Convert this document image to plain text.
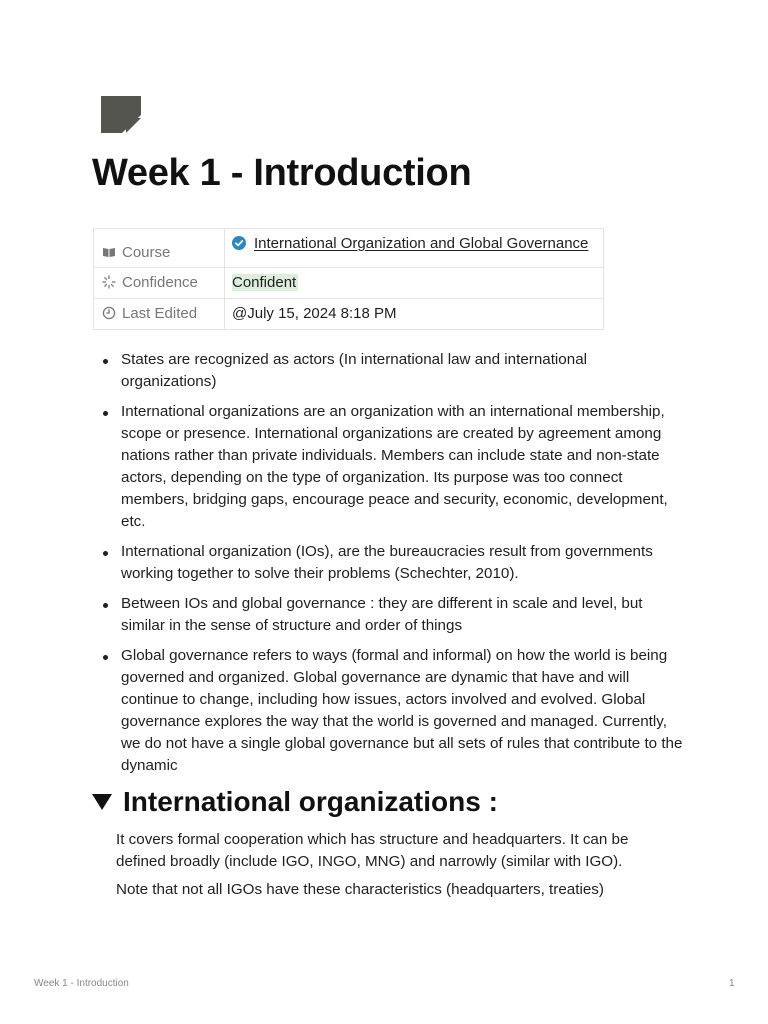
Week 1 - Introduction
Course	International Organization and Global Governance
Confidence	Confident
Last Edited	@July 15, 2024 8:18 PM
States are recognized as actors (In international law and international organizations)
International organizations are an organization with an international membership, scope or presence. International organizations are created by agreement among nations rather than private individuals. Members can include state and non-state actors, depending on the type of organization. Its purpose was too connect members, bridging gaps, encourage peace and security, economic, development, etc.
International organization (IOs), are the bureaucracies result from governments working together to solve their problems (Schechter, 2010).
Between IOs and global governance : they are different in scale and level, but similar in the sense of structure and order of things
Global governance refers to ways (formal and informal) on how the world is being governed and organized. Global governance are dynamic that have and will continue to change, including how issues, actors involved and evolved. Global governance explores the way that the world is governed and managed. Currently, we do not have a single global governance but all sets of rules that contribute to the dynamic
International organizations :

It covers formal cooperation which has structure and headquarters. It can be defined broadly (include IGO, INGO, MNG) and narrowly (similar with IGO).

Note that not all IGOs have these characteristics (headquarters, treaties)

Week 1 - Introduction	1
